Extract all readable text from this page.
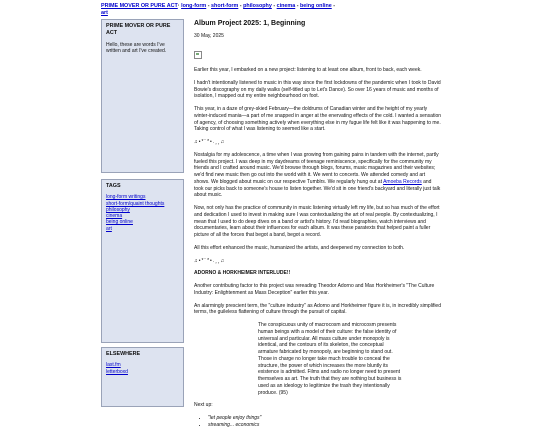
PRIME MOVER OR PURE ACT· long-form - short-form - philosophy - cinema - being online - art
PRIME MOVER OR PURE ACT
Hello, these are words I've written and art I've created.
TAGS
long-form writings
short-form/quaint thoughts
philosophy
cinema
being online
art
ELSEWHERE
last.fm
letterboxd
Album Project 2025: 1, Beginning
30 May, 2025

Earlier this year, I embarked on a new project: listening to at least one album, front to back, each week.

I hadn't intentionally listened to music in this way since the first lockdowns of the pandemic when I took to David Bowie's discography on my daily walks (self-titled up to Let's Dance). So over 16 years of music and months of isolation, I mapped out my entire neighbourhood on foot.

This year, in a daze of grey-skied February—the doldrums of Canadian winter and the height of my yearly winter-induced mania—a part of me snapped in anger at the enervating effects of the cold. I wanted a sensation of agency, of choosing something actively when everything else in my fugue life felt like it was happening to me. Taking control of what I was listening to seemed like a start.

♫•*¨*•.¸¸♫

Nostalgia for my adolescence, a time when I was growing from gaining pains in tandem with the internet, partly fueled this project. I was deep in my daydreams of teenage reminiscence, specifically for the community my friends and I crafted around music. We'd browse through blogs, forums, music magazines and their websites; we'd find new music then go out into the world with it. We went to concerts. We attended comedy and art shows. We blogged about music on our respective Tumblrs. We regularly hung out at Amoeba Records and took our picks back to someone's house to listen together. We'd sit in one friend's backyard and literally just talk about music.

Now, not only has the practice of community in music listening virtually left my life, but so has much of the effort and dedication I used to invest in making sure I was contextualizing the art of real people. By contextualizing, I mean that I used to do deep dives on a band or artist's history. I'd read biographies, watch interviews and documentaries, learn about their influences for each album. It was these paratexts that helped paint a fuller picture of all the forces that begot a band, begot a record.

All this effort enhanced the music, humanized the artists, and deepened my connection to both.

♫•*¨*•.¸¸♫
ADORNO & HORKHEIMER INTERLUDE!!

Another contributing factor to this project was rereading Theodor Adorno and Max Horkheimer's "The Culture Industry: Enlightenment as Mass Deception" earlier this year.

An alarmingly prescient term, the "culture industry" as Adorno and Horkheimer figure it is, in incredibly simplified terms, the guileless flattening of culture through the pursuit of capital.

The conspicuous unity of macrocosm and microcosm presents human beings with a model of their culture: the false identity of universal and particular. All mass culture under monopoly is identical, and the contours of its skeleton, the conceptual armature fabricated by monopoly, are beginning to stand out. Those in charge no longer take much trouble to conceal the structure, the power of which increases the more bluntly its existence is admitted. Films and radio no longer need to present themselves as art. The truth that they are nothing but business is used as an ideology to legitimize the trash they intentionally produce. (95)

Next up:

• "let people enjoy things"
• streaming... economics
